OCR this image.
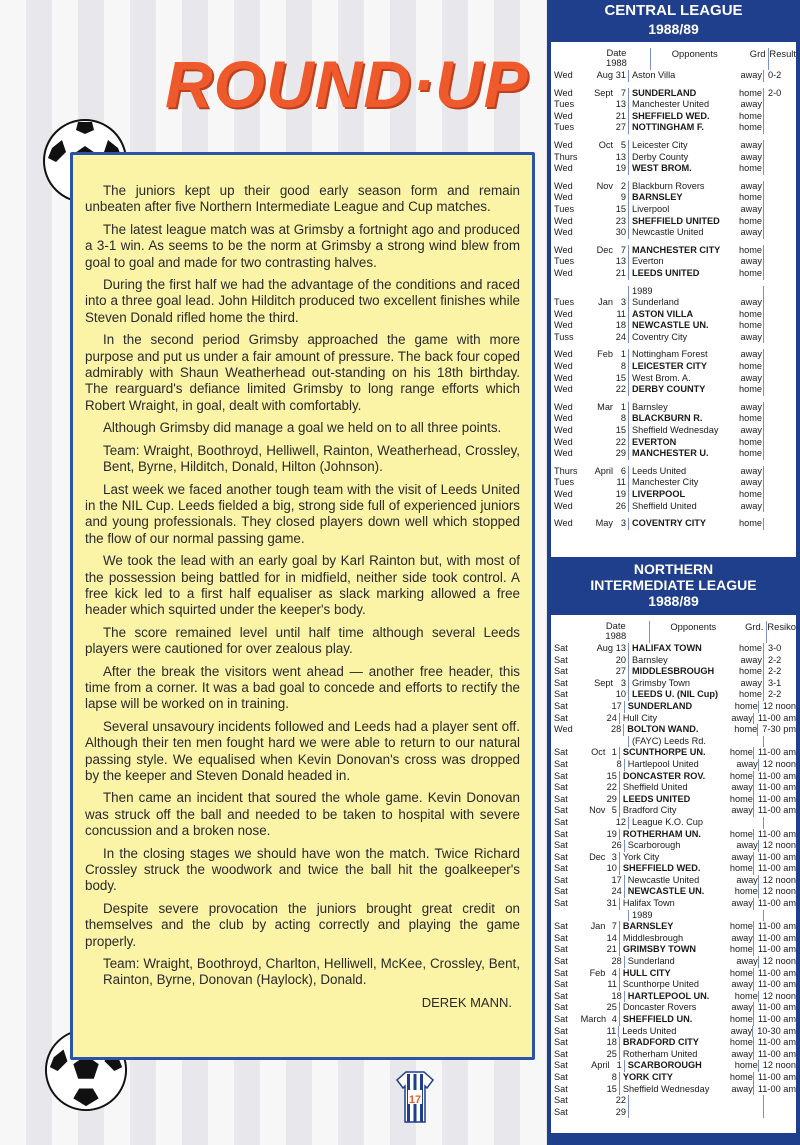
ROUND·UP

The juniors kept up their good early season form and remain unbeaten after five Northern Intermediate League and Cup matches.

The latest league match was at Grimsby a fortnight ago and produced a 3-1 win. As seems to be the norm at Grimsby a strong wind blew from goal to goal and made for two contrasting halves.

During the first half we had the advantage of the conditions and raced into a three goal lead. John Hilditch produced two excellent finishes while Steven Donald rifled home the third.

In the second period Grimsby approached the game with more purpose and put us under a fair amount of pressure. The back four coped admirably with Shaun Weatherhead out-standing on his 18th birthday. The rearguard's defiance limited Grimsby to long range efforts which Robert Wraight, in goal, dealt with comfortably.

Although Grimsby did manage a goal we held on to all three points.

Team: Wraight, Boothroyd, Helliwell, Rainton, Weatherhead, Crossley, Bent, Byrne, Hilditch, Donald, Hilton (Johnson).

Last week we faced another tough team with the visit of Leeds United in the NIL Cup. Leeds fielded a big, strong side full of experienced juniors and young professionals. They closed players down well which stopped the flow of our normal passing game.

We took the lead with an early goal by Karl Rainton but, with most of the possession being battled for in midfield, neither side took control. A free kick led to a first half equaliser as slack marking allowed a free header which squirted under the keeper's body.

The score remained level until half time although several Leeds players were cautioned for over zealous play.

After the break the visitors went ahead — another free header, this time from a corner. It was a bad goal to concede and efforts to rectify the lapse will be worked on in training.

Several unsavoury incidents followed and Leeds had a player sent off. Although their ten men fought hard we were able to return to our natural passing style. We equalised when Kevin Donovan's cross was dropped by the keeper and Steven Donald headed in.

Then came an incident that soured the whole game. Kevin Donovan was struck off the ball and needed to be taken to hospital with severe concussion and a broken nose.

In the closing stages we should have won the match. Twice Richard Crossley struck the woodwork and twice the ball hit the goalkeeper's body.

Despite severe provocation the juniors brought great credit on themselves and the club by acting correctly and playing the game properly.

Team: Wraight, Boothroyd, Charlton, Helliwell, McKee, Crossley, Bent, Rainton, Byrne, Donovan (Haylock), Donald.

DEREK MANN.
17
CENTRAL LEAGUE
1988/89
Date
1988
Opponents	Grd Result
Wed	Aug 31 Aston Villa	away 0-2
Wed	Sept 7 SUNDERLAND	home 2-0
Tues	13 Manchester United	away
Wed	21 SHEFFIELD WED.	home
Tues	27 NOTTINGHAM F.	home
Wed	Oct 5 Leicester City	away
Thurs	13 Derby County	away
Wed	19 WEST BROM.	home
Wed	Nov 2 Blackburn Rovers	away
Wed	9 BARNSLEY	home
Tues	15 Liverpool	away
Wed	23 SHEFFIELD UNITED home
Wed	30 Newcastle United	away
Wed	Dec 7 MANCHESTER CITY home
Tues	13 Everton	away
Wed	21 LEEDS UNITED	home
1989
Tues	Jan 3 Sunderland	away
Wed	11 ASTON VILLA	home
Wed	18 NEWCASTLE UN.	home
Tuss	24 Coventry City	away
Wed	Feb 1 Nottingham Forest	away
Wed	8 LEICESTER CITY	home
Wed	15 West Brom. A.	away
Wed	22 DERBY COUNTY	home
Wed	Mar 1 Barnsley	away
Wed	8 BLACKBURN R.	home
Wed	15 Sheffield Wednesday away
Wed	22 EVERTON	home
Wed	29 MANCHESTER U.	home
Thurs	April 6 Leeds United	away
Tues	11 Manchester City	away
Wed	19 LIVERPOOL	home
Wed	26 Sheffield United	away
Wed	May 3 COVENTRY CITY	home
NORTHERN
INTERMEDIATE LEAGUE
1988/89
Date
1988
Opponents	Grd. Resiko
Sat	Aug 13 HALIFAX TOWN	home 3-0
Sat	20 Barnsley	away 2-2
Sat	27 MIDDLESBROUGH	home 2-2
Sat	Sept 3 Grimsby Town	away 3-1
Sat	10 LEEDS U. (NIL Cup) home 2-2
Sat	17 SUNDERLAND	home 12 noon
Sat	24 Hull City	away 11-00 am
Wed	28 BOLTON WAND.	home 7-30 pm
(FAYC) Leeds Rd.
Sat	Oct 1 SCUNTHORPE UN.	home 11-00 am
Sat	8 Hartlepool United	away 12 noon
Sat	15 DONCASTER ROV.	home 11-00 am
Sat	22 Sheffield United	away 11-00 am
Sat	29 LEEDS UNITED	home 11-00 am
Sat	Nov 5 Bradford City	away 11-00 am
Sat	12 League K.O. Cup
Sat	19 ROTHERHAM UN.	home 11-00 am
Sat	26 Scarborough	away 12 noon
Sat	Dec 3 York City	away 11-00 am
Sat	10 SHEFFIELD WED.	home 11-00 am
Sat	17 Newcastle United	away 12 noon
Sat	24 NEWCASTLE UN.	home 12 noon
Sat	31 Halifax Town	away 11-00 am
1989
Sat	Jan 7 BARNSLEY	home 11-00 am
Sat	14 Middlesbrough	away 11-00 am
Sat	21 GRIMSBY TOWN	home 11-00 am
Sat	28 Sunderland	away 12 noon
Sat	Feb 4 HULL CITY	home 11-00 am
Sat	11 Scunthorpe United	away 11-00 am
Sat	18 HARTLEPOOL UN.	home 12 noon
Sat	25 Doncaster Rovers	away 11-00 am
Sat	March 4 SHEFFIELD UN.	home 11-00 am
Sat	11 Leeds United	away 10-30 am
Sat	18 BRADFORD CITY	home 11-00 am
Sat	25 Rotherham United	away 11-00 am
Sat	April 1 SCARBOROUGH	home 12 noon
Sat	8 YORK CITY	home 11-00 am
Sat	15 Sheffield Wednesday away 11-00 am
Sat	22
Sat	29
